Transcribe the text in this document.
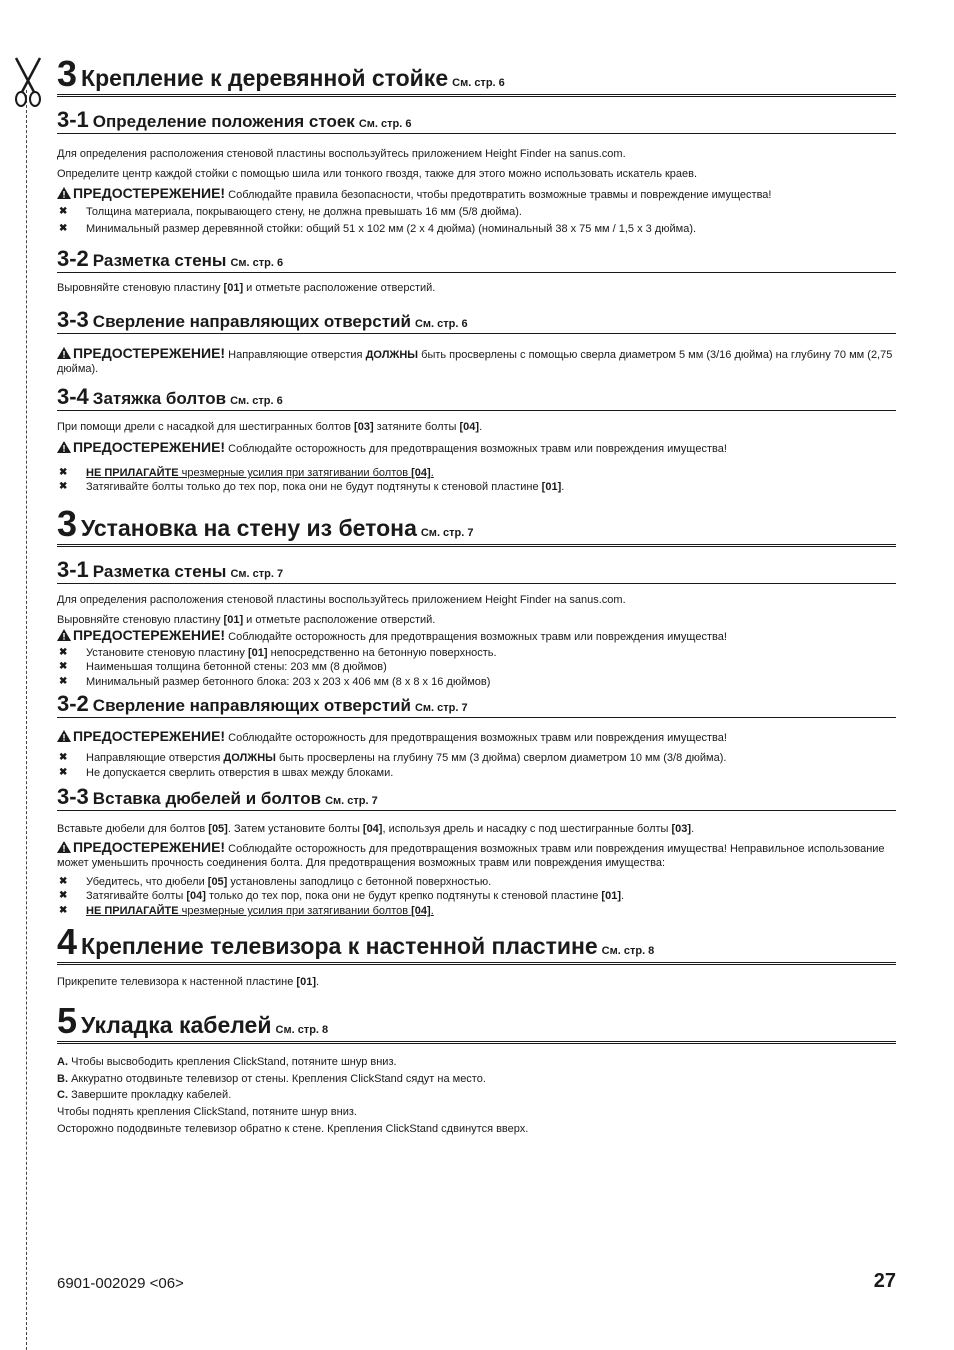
3 Крепление к деревянной стойке См. стр. 6
3-1 Определение положения стоек См. стр. 6
Для определения расположения стеновой пластины воспользуйтесь приложением Height Finder на sanus.com.
Определите центр каждой стойки с помощью шила или тонкого гвоздя, также для этого можно использовать искатель краев.
ПРЕДОСТЕРЕЖЕНИЕ! Соблюдайте правила безопасности, чтобы предотвратить возможные травмы и повреждение имущества!
✖ Толщина материала, покрывающего стену, не должна превышать 16 мм (5/8 дюйма).
✖ Минимальный размер деревянной стойки: общий 51 x 102 мм (2 x 4 дюйма) (номинальный 38 x 75 мм / 1,5 x 3 дюйма).
3-2 Разметка стены См. стр. 6
Выровняйте стеновую пластину [01] и отметьте расположение отверстий.
3-3 Сверление направляющих отверстий См. стр. 6
ПРЕДОСТЕРЕЖЕНИЕ! Направляющие отверстия ДОЛЖНЫ быть просверлены с помощью сверла диаметром 5 мм (3/16 дюйма) на глубину 70 мм (2,75 дюйма).
3-4 Затяжка болтов См. стр. 6
При помощи дрели с насадкой для шестигранных болтов [03] затяните болты [04].
ПРЕДОСТЕРЕЖЕНИЕ! Соблюдайте осторожность для предотвращения возможных травм или повреждения имущества!
✖ НЕ ПРИЛАГАЙТЕ чрезмерные усилия при затягивании болтов [04].
✖ Затягивайте болты только до тех пор, пока они не будут подтянуты к стеновой пластине [01].
3 Установка на стену из бетона См. стр. 7
3-1 Разметка стены См. стр. 7
Для определения расположения стеновой пластины воспользуйтесь приложением Height Finder на sanus.com.
Выровняйте стеновую пластину [01] и отметьте расположение отверстий.
ПРЕДОСТЕРЕЖЕНИЕ! Соблюдайте осторожность для предотвращения возможных травм или повреждения имущества!
✖ Установите стеновую пластину [01] непосредственно на бетонную поверхность.
✖ Наименьшая толщина бетонной стены: 203 мм (8 дюймов)
✖ Минимальный размер бетонного блока: 203 x 203 x 406 мм (8 x 8 x 16 дюймов)
3-2 Сверление направляющих отверстий См. стр. 7
ПРЕДОСТЕРЕЖЕНИЕ! Соблюдайте осторожность для предотвращения возможных травм или повреждения имущества!
✖ Направляющие отверстия ДОЛЖНЫ быть просверлены на глубину 75 мм (3 дюйма) сверлом диаметром 10 мм (3/8 дюйма).
✖ Не допускается сверлить отверстия в швах между блоками.
3-3 Вставка дюбелей и болтов См. стр. 7
Вставьте дюбели для болтов [05]. Затем установите болты [04], используя дрель и насадку с под шестигранные болты [03].
ПРЕДОСТЕРЕЖЕНИЕ! Соблюдайте осторожность для предотвращения возможных травм или повреждения имущества! Неправильное использование может уменьшить прочность соединения болта. Для предотвращения возможных травм или повреждения имущества:
✖ Убедитесь, что дюбели [05] установлены заподлицо с бетонной поверхностью.
✖ Затягивайте болты [04] только до тех пор, пока они не будут крепко подтянуты к стеновой пластине [01].
✖ НЕ ПРИЛАГАЙТЕ чрезмерные усилия при затягивании болтов [04].
4 Крепление телевизора к настенной пластине См. стр. 8
Прикрепите телевизора к настенной пластине [01].
5 Укладка кабелей См. стр. 8
A. Чтобы высвободить крепления ClickStand, потяните шнур вниз.
B. Аккуратно отодвиньте телевизор от стены. Крепления ClickStand сядут на место.
C. Завершите прокладку кабелей.
Чтобы поднять крепления ClickStand, потяните шнур вниз.
Осторожно пододвиньте телевизор обратно к стене. Крепления ClickStand сдвинутся вверх.
6901-002029 <06>	27
